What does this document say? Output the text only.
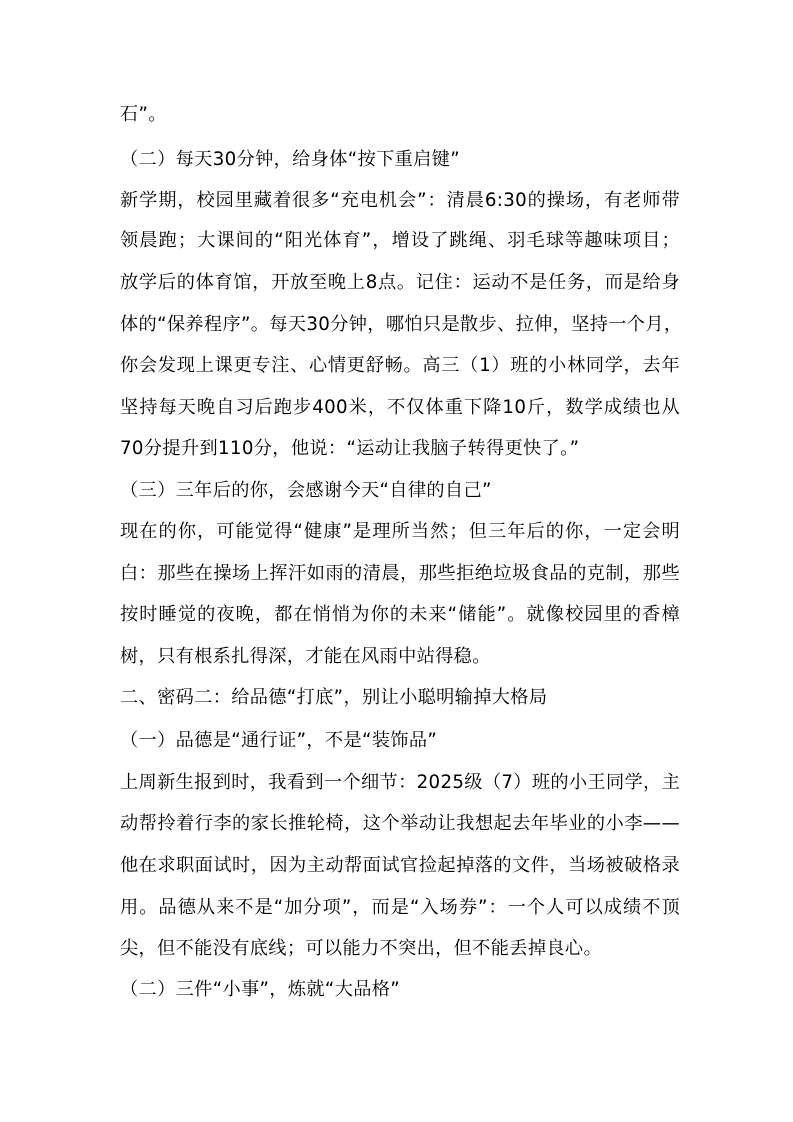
石”。
（二）每天30分钟，给身体“按下重启键”
新学期，校园里藏着很多“充电机会”：清晨6:30的操场，有老师带
领晨跑；大课间的“阳光体育”，增设了跳绳、羽毛球等趣味项目；
放学后的体育馆，开放至晚上8点。记住：运动不是任务，而是给身
体的“保养程序”。每天30分钟，哪怕只是散步、拉伸，坚持一个月，
你会发现上课更专注、心情更舒畅。高三（1）班的小林同学，去年
坚持每天晚自习后跑步400米，不仅体重下降10斤，数学成绩也从
70分提升到110分，他说：“运动让我脑子转得更快了。”
（三）三年后的你，会感谢今天“自律的自己”
现在的你，可能觉得“健康”是理所当然；但三年后的你，一定会明
白：那些在操场上挥汗如雨的清晨，那些拒绝垃圾食品的克制，那些
按时睡觉的夜晚，都在悄悄为你的未来“储能”。就像校园里的香樟
树，只有根系扎得深，才能在风雨中站得稳。
二、密码二：给品德“打底”，别让小聪明输掉大格局
（一）品德是“通行证”，不是“装饰品”
上周新生报到时，我看到一个细节：2025级（7）班的小王同学，主
动帮拎着行李的家长推轮椅，这个举动让我想起去年毕业的小李——
他在求职面试时，因为主动帮面试官捡起掉落的文件，当场被破格录
用。品德从来不是“加分项”，而是“入场券”：一个人可以成绩不顶
尖，但不能没有底线；可以能力不突出，但不能丢掉良心。
（二）三件“小事”，炼就“大品格”
